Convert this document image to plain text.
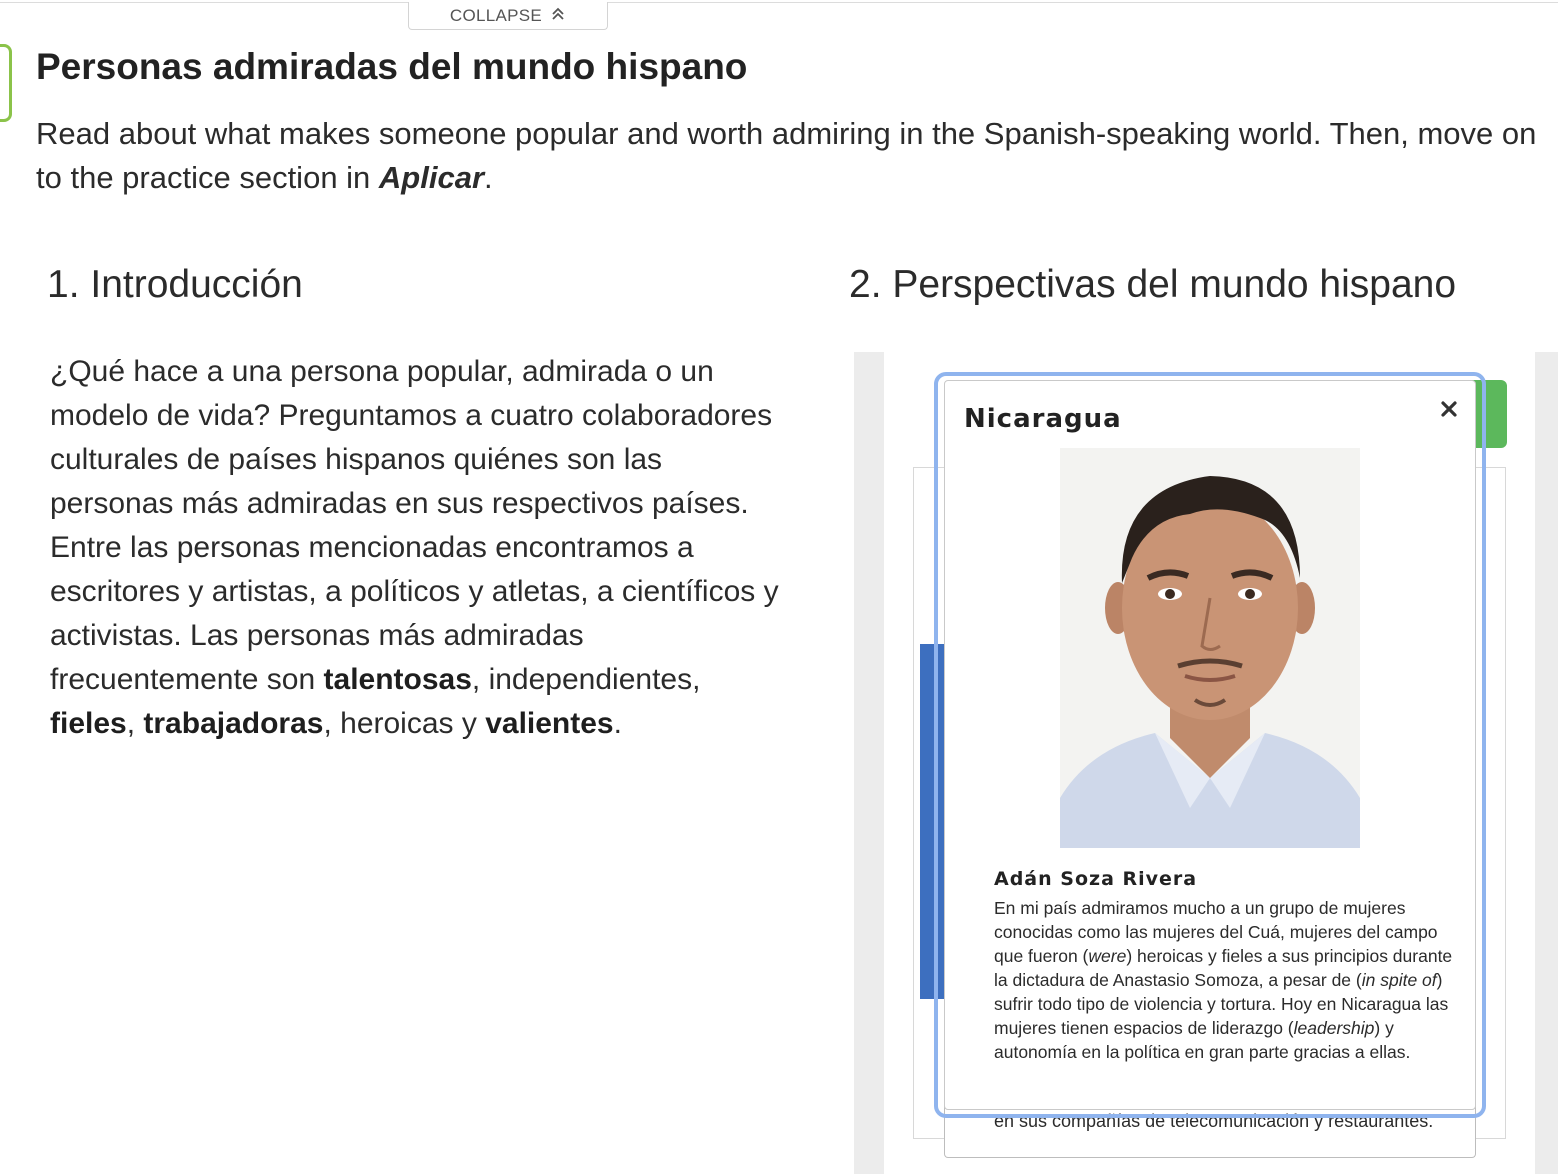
COLLAPSE
Personas admiradas del mundo hispano

Read about what makes someone popular and worth admiring in the Spanish-speaking world. Then, move on
to the practice section in Aplicar.

1. Introducción	2. Perspectivas del mundo hispano

¿Qué hace a una persona popular, admirada o un modelo de vida? Preguntamos a cuatro colaboradores culturales de países hispanos quiénes son las personas más admiradas en sus respectivos países. Entre las personas mencionadas encontramos a escritores y artistas, a políticos y atletas, a científicos y activistas. Las personas más admiradas frecuentemente son talentosas, independientes, fieles, trabajadoras, heroicas y valientes.

en sus compañías de telecomunicación y restaurantes.

Nicaragua

Adán Soza Rivera

En mi país admiramos mucho a un grupo de mujeres conocidas como las mujeres del Cuá, mujeres del campo que fueron (were) heroicas y fieles a sus principios durante la dictadura de Anastasio Somoza, a pesar de (in spite of) sufrir todo tipo de violencia y tortura. Hoy en Nicaragua las mujeres tienen espacios de liderazgo (leadership) y autonomía en la política en gran parte gracias a ellas.
